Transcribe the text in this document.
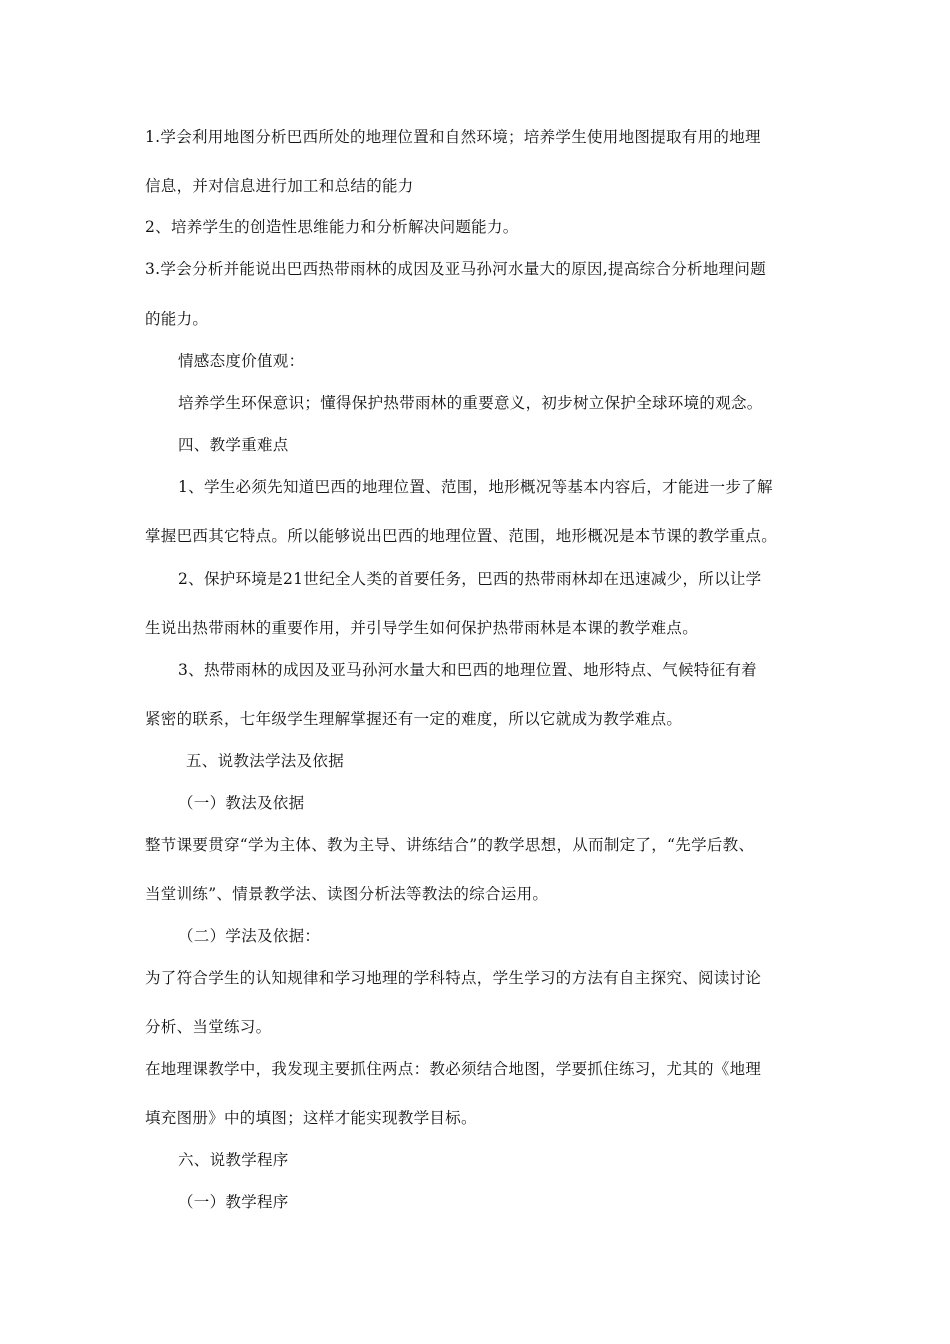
1.学会利用地图分析巴西所处的地理位置和自然环境；培养学生使用地图提取有用的地理
信息，并对信息进行加工和总结的能力
2、培养学生的创造性思维能力和分析解决问题能力。
3.学会分析并能说出巴西热带雨林的成因及亚马孙河水量大的原因,提高综合分析地理问题
的能力。
情感态度价值观：
培养学生环保意识；懂得保护热带雨林的重要意义，初步树立保护全球环境的观念。
四、教学重难点
1、学生必须先知道巴西的地理位置、范围，地形概况等基本内容后，才能进一步了解
掌握巴西其它特点。所以能够说出巴西的地理位置、范围，地形概况是本节课的教学重点。
2、保护环境是21世纪全人类的首要任务，巴西的热带雨林却在迅速减少，所以让学
生说出热带雨林的重要作用，并引导学生如何保护热带雨林是本课的教学难点。
3、热带雨林的成因及亚马孙河水量大和巴西的地理位置、地形特点、气候特征有着
紧密的联系，七年级学生理解掌握还有一定的难度，所以它就成为教学难点。
五、说教法学法及依据
（一）教法及依据
整节课要贯穿“学为主体、教为主导、讲练结合”的教学思想，从而制定了，“先学后教、
当堂训练”、情景教学法、读图分析法等教法的综合运用。
（二）学法及依据：
为了符合学生的认知规律和学习地理的学科特点，学生学习的方法有自主探究、阅读讨论
分析、当堂练习。
在地理课教学中，我发现主要抓住两点：教必须结合地图，学要抓住练习，尤其的《地理
填充图册》中的填图；这样才能实现教学目标。
六、说教学程序
（一）教学程序
